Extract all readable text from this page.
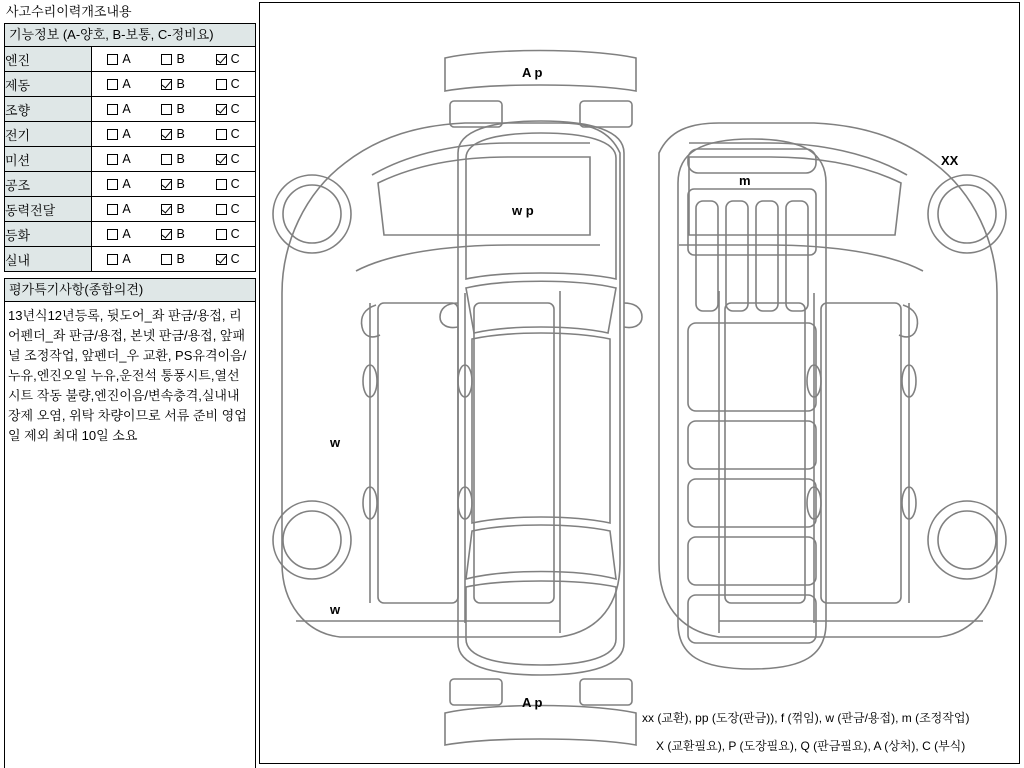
사고수리이력개조내용
기능정보 (A-양호, B-보통, C-정비요)
엔진	A B C

제동	A B C

조향	A B C

전기	A B C

미션	A B C

공조	A B C

동력전달	A B C

등화	A B C

실내	A B C
평가특기사항(종합의견)
13년식12년등록, 뒷도어_좌 판금/용접, 리어펜더_좌 판금/용접, 본넷 판금/용접, 앞패널 조정작업, 앞펜더_우 교환, PS유격이음/누유,엔진오일 누유,운전석 통풍시트,열선시트 작동 불량,엔진이음/변속충격,실내내장제 오염, 위탁 차량이므로 서류 준비 영업일 제외 최대 10일 소요
A p
w p
m
XX
w
w
A p
xx (교환), pp (도장(판금)), f (꺾임), w (판금/용접), m (조정작업)
X (교환필요), P (도장필요), Q (판금필요), A (상처), C (부식)
